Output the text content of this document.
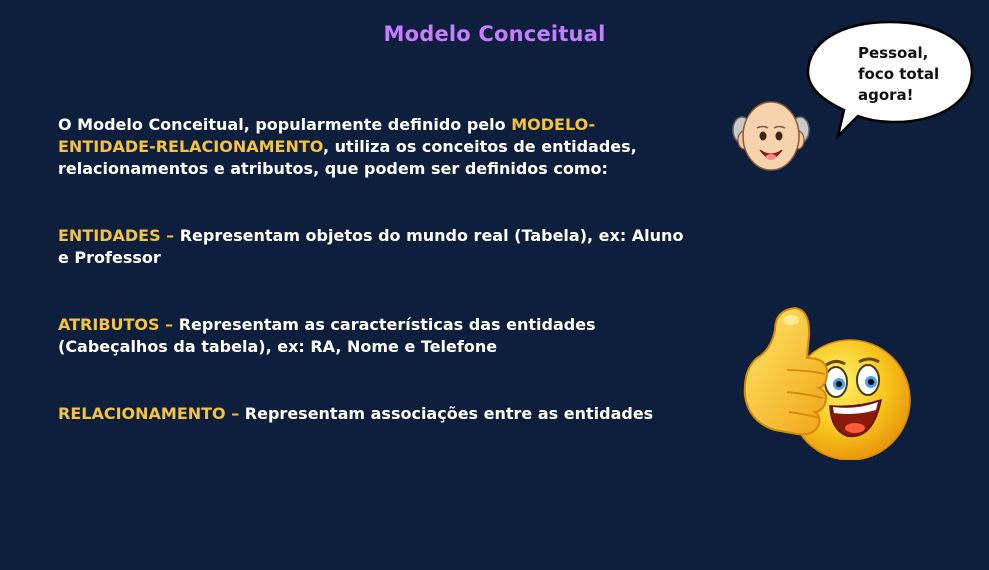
Modelo Conceitual
O Modelo Conceitual, popularmente definido pelo MODELO-ENTIDADE-RELACIONAMENTO, utiliza os conceitos de entidades, relacionamentos e atributos, que podem ser definidos como:
ENTIDADES – Representam objetos do mundo real (Tabela), ex: Aluno e Professor
ATRIBUTOS – Representam as características das entidades (Cabeçalhos da tabela), ex: RA, Nome e Telefone
RELACIONAMENTO – Representam associações entre as entidades
Pessoal, foco total agora!
